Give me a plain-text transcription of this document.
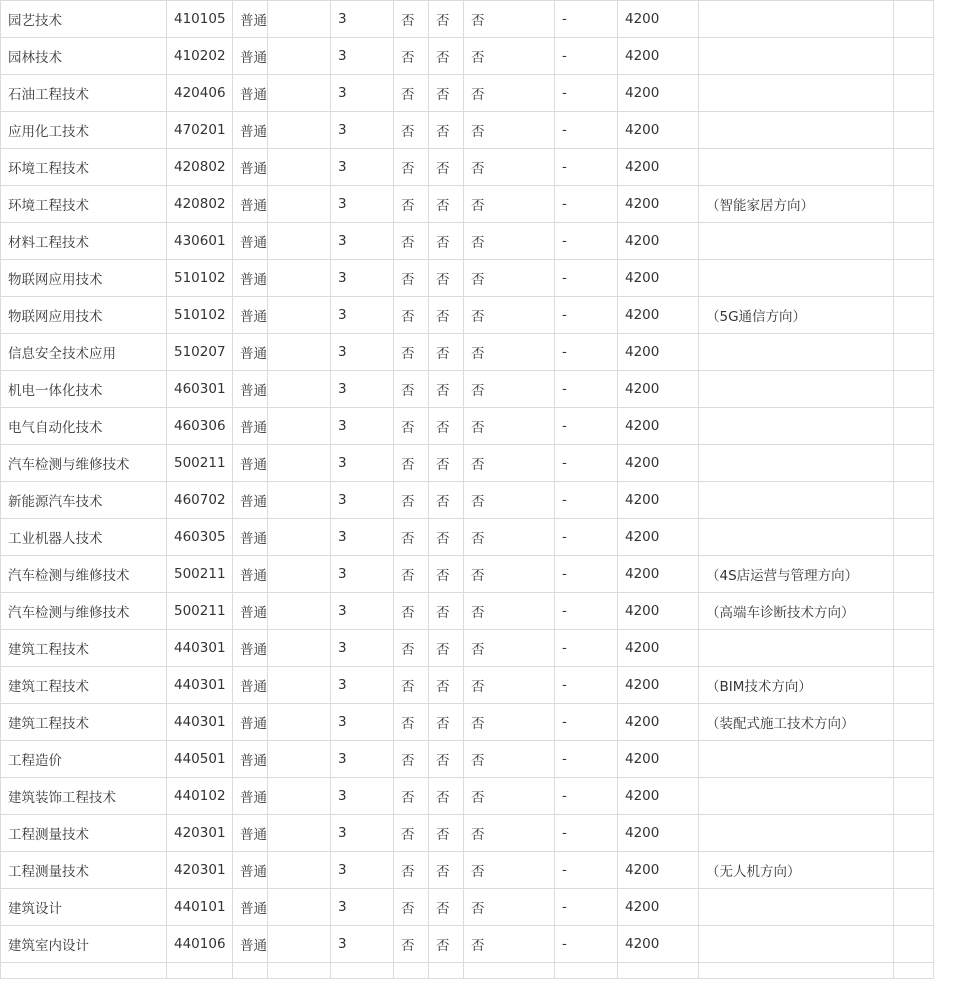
园艺技术	410105	普通		3	否	否	否	-	4200		
园林技术	410202	普通		3	否	否	否	-	4200		
石油工程技术	420406	普通		3	否	否	否	-	4200		
应用化工技术	470201	普通		3	否	否	否	-	4200		
环境工程技术	420802	普通		3	否	否	否	-	4200		
环境工程技术	420802	普通		3	否	否	否	-	4200	（智能家居方向）	
材料工程技术	430601	普通		3	否	否	否	-	4200		
物联网应用技术	510102	普通		3	否	否	否	-	4200		
物联网应用技术	510102	普通		3	否	否	否	-	4200	（5G通信方向）	
信息安全技术应用	510207	普通		3	否	否	否	-	4200		
机电一体化技术	460301	普通		3	否	否	否	-	4200		
电气自动化技术	460306	普通		3	否	否	否	-	4200		
汽车检测与维修技术	500211	普通		3	否	否	否	-	4200		
新能源汽车技术	460702	普通		3	否	否	否	-	4200		
工业机器人技术	460305	普通		3	否	否	否	-	4200		
汽车检测与维修技术	500211	普通		3	否	否	否	-	4200	（4S店运营与管理方向）	
汽车检测与维修技术	500211	普通		3	否	否	否	-	4200	（高端车诊断技术方向）	
建筑工程技术	440301	普通		3	否	否	否	-	4200		
建筑工程技术	440301	普通		3	否	否	否	-	4200	（BIM技术方向）	
建筑工程技术	440301	普通		3	否	否	否	-	4200	（装配式施工技术方向）	
工程造价	440501	普通		3	否	否	否	-	4200		
建筑装饰工程技术	440102	普通		3	否	否	否	-	4200		
工程测量技术	420301	普通		3	否	否	否	-	4200		
工程测量技术	420301	普通		3	否	否	否	-	4200	（无人机方向）	
建筑设计	440101	普通		3	否	否	否	-	4200		
建筑室内设计	440106	普通		3	否	否	否	-	4200		
